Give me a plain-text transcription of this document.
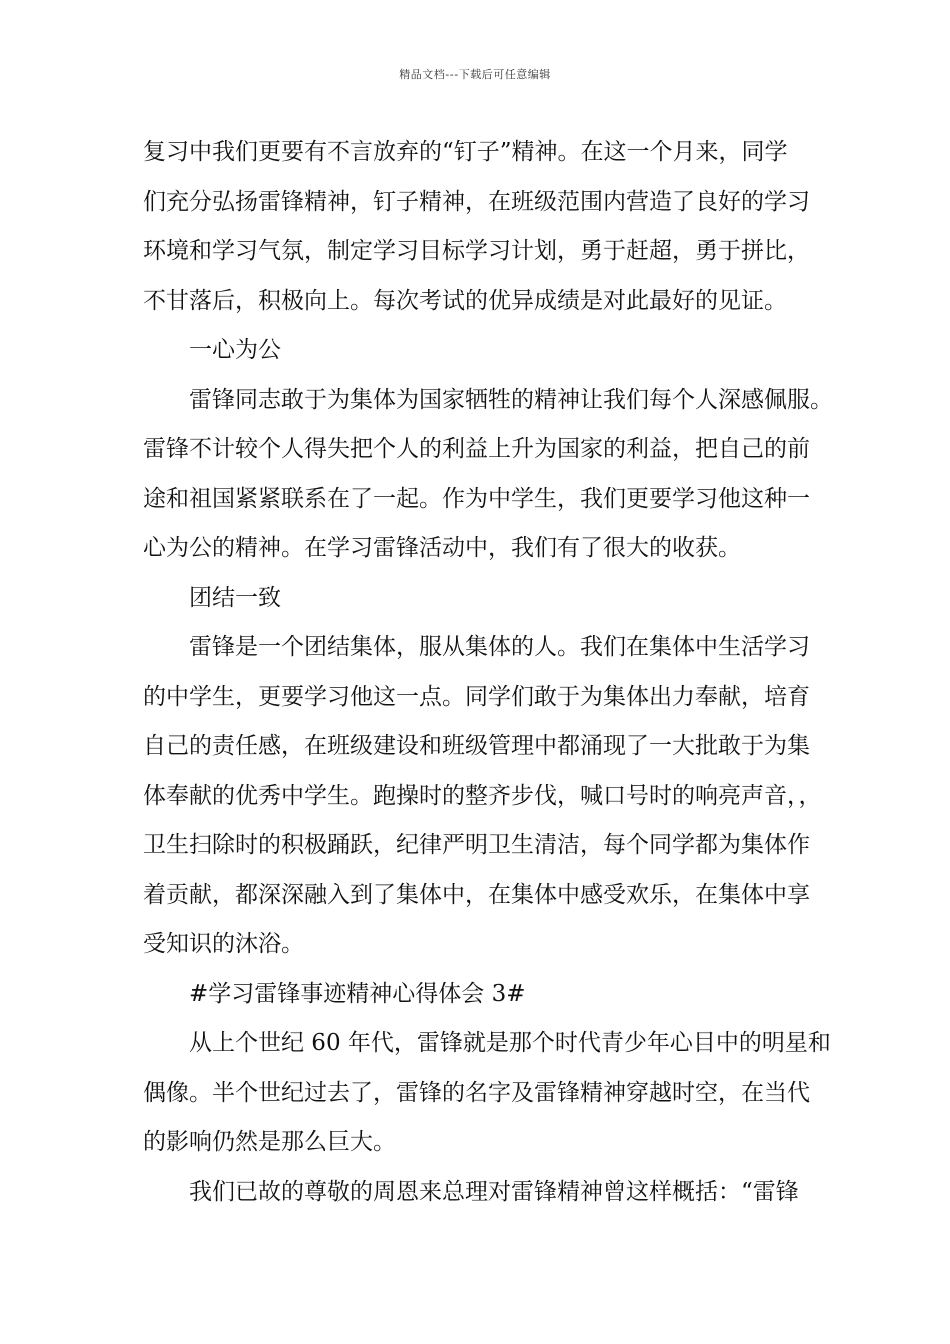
精品文档---下载后可任意编辑
复习中我们更要有不言放弃的“钉子”精神。在这一个月来，同学
们充分弘扬雷锋精神，钉子精神，在班级范围内营造了良好的学习
环境和学习气氛，制定学习目标学习计划，勇于赶超，勇于拼比，
不甘落后，积极向上。每次考试的优异成绩是对此最好的见证。
一心为公
雷锋同志敢于为集体为国家牺牲的精神让我们每个人深感佩服。
雷锋不计较个人得失把个人的利益上升为国家的利益，把自己的前
途和祖国紧紧联系在了一起。作为中学生，我们更要学习他这种一
心为公的精神。在学习雷锋活动中，我们有了很大的收获。
团结一致
雷锋是一个团结集体，服从集体的人。我们在集体中生活学习
的中学生，更要学习他这一点。同学们敢于为集体出力奉献，培育
自己的责任感，在班级建设和班级管理中都涌现了一大批敢于为集
体奉献的优秀中学生。跑操时的整齐步伐，喊口号时的响亮声音，，
卫生扫除时的积极踊跃，纪律严明卫生清洁，每个同学都为集体作
着贡献，都深深融入到了集体中，在集体中感受欢乐，在集体中享
受知识的沐浴。
#学习雷锋事迹精神心得体会 3#
从上个世纪 60 年代，雷锋就是那个时代青少年心目中的明星和
偶像。半个世纪过去了，雷锋的名字及雷锋精神穿越时空，在当代
的影响仍然是那么巨大。
我们已故的尊敬的周恩来总理对雷锋精神曾这样概括：“雷锋
